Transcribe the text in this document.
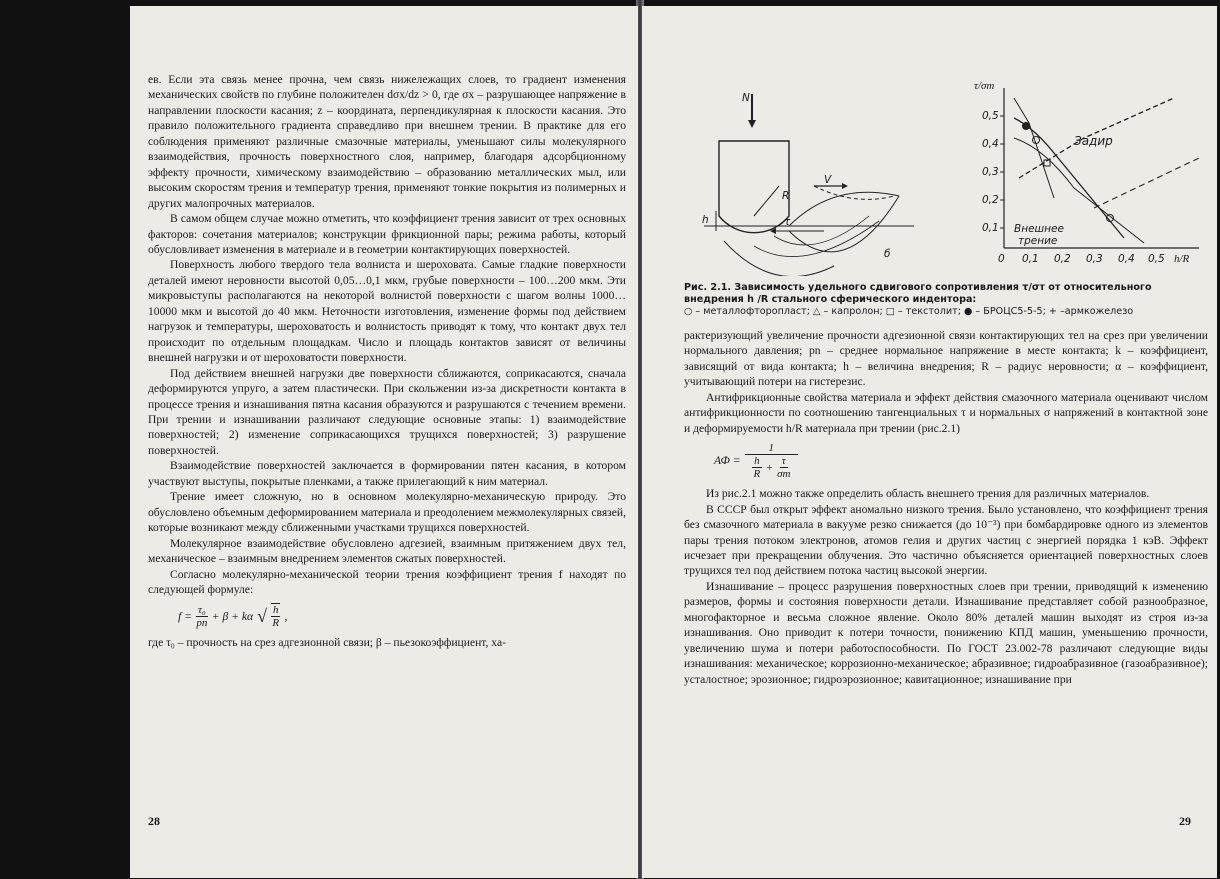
ев. Если эта связь менее прочна, чем связь нижележащих слоев, то градиент изменения механических свойств по глубине положителен dσx/dz > 0, где σx – разрушающее напряжение в направлении плоскости касания; z – координата, перпендикулярная к плоскости касания. Это правило положительного градиента справедливо при внешнем трении. В практике для его соблюдения применяют различные смазочные материалы, уменьшают силы молекулярного взаимодействия, прочность поверхностного слоя, например, благодаря адсорбционному эффекту прочности, химическому взаимодействию – образованию металлических мыл, или высоким скоростям трения и температур трения, применяют тонкие покрытия из полимерных и других малопрочных материалов.

В самом общем случае можно отметить, что коэффициент трения зависит от трех основных факторов: сочетания материалов; конструкции фрикционной пары; режима работы, который обусловливает изменения в материале и в геометрии контактирующих поверхностей.

Поверхность любого твердого тела волниста и шероховата. Самые гладкие поверхности деталей имеют неровности высотой 0,05…0,1 мкм, грубые поверхности – 100…200 мкм. Эти микровыступы располагаются на некоторой волнистой поверхности с шагом волны 1000…10000 мкм и высотой до 40 мкм. Неточности изготовления, изменение формы под действием нагрузок и температуры, шероховатость и волнистость приводят к тому, что контакт двух тел происходит по отдельным площадкам. Число и площадь контактов зависят от величины внешней нагрузки и от шероховатости поверхности.

Под действием внешней нагрузки две поверхности сближаются, соприкасаются, сначала деформируются упруго, а затем пластически. При скольжении из-за дискретности контакта в процессе трения и изнашивания пятна касания образуются и разрушаются с течением времени. При трении и изнашивании различают следующие основные этапы: 1) взаимодействие поверхностей; 2) изменение соприкасающихся трущихся поверхностей; 3) разрушение поверхностей.

Взаимодействие поверхностей заключается в формировании пятен касания, в котором участвуют выступы, покрытые пленками, а также прилегающий к ним материал.

Трение имеет сложную, но в основном молекулярно-механическую природу. Это обусловлено объемным деформированием материала и преодолением межмолекулярных связей, которые возникают между сближенными участками трущихся поверхностей.

Молекулярное взаимодействие обусловлено адгезией, взаимным притяжением двух тел, механическое – взаимным внедрением элементов сжатых поверхностей.

Согласно молекулярно-механической теории трения коэффициент трения f находят по следующей формуле:

$f = \frac{\text{τ₀}}{pn} + \beta + k\alpha$ √ $\frac{h}{R}$ ,

где τ₀ – прочность на срез адгезионной связи; β – пьезокоэффициент, ха-

28
N
V
R
τ
h
б
τ/σт
0,5
0,4
0,3
0,2
0,1
0 0,1 0,2 0,3 0,4 0,5 h/R
Задир
Внешнее
трение
Рис. 2.1. Зависимость удельного сдвигового сопротивления τ/σт от относительного внедрения h /R стального сферического индентора:
○ – металлофторопласт; △ – капролон; □ – текстолит; ● – БРОЦС5-5-5; + –армкожелезо

рактеризующий увеличение прочности адгезионной связи контактирующих тел на срез при увеличении нормального давления; pn – среднее нормальное напряжение в месте контакта; k – коэффициент, зависящий от вида контакта; h – величина внедрения; R – радиус неровности; α – коэффициент, учитывающий потери на гистерезис.

Антифрикционные свойства материала и эффект действия смазочного материала оценивают числом антифрикционности по соотношению тангенциальных τ и нормальных σ напряжений в контактной зоне и деформируемости h/R материала при трении (рис.2.1)

АФ =
1
$\frac{h}{R} + \frac{\tau}{\sigma т}$

Из рис.2.1 можно также определить область внешнего трения для различных материалов.

В СССР был открыт эффект аномально низкого трения. Было установлено, что коэффициент трения без смазочного материала в вакууме резко снижается (до 10⁻³) при бомбардировке одного из элементов пары трения потоком электронов, атомов гелия и других частиц с энергией порядка 1 кэВ. Эффект исчезает при прекращении облучения. Это частично объясняется ориентацией поверхностных слоев трущихся тел под действием потока частиц высокой энергии.

Изнашивание – процесс разрушения поверхностных слоев при трении, приводящий к изменению размеров, формы и состояния поверхности детали. Изнашивание представляет собой разнообразное, многофакторное и весьма сложное явление. Около 80% деталей машин выходят из строя из-за изнашивания. Оно приводит к потери точности, понижению КПД машин, уменьшению прочности, увеличению шума и потери работоспособности. По ГОСТ 23.002-78 различают следующие виды изнашивания: механическое; коррозионно-механическое; абразивное; гидроабразивное (газоабразивное); усталостное; эрозионное; гидроэрозионное; кавитационное; изнашивание при

29
